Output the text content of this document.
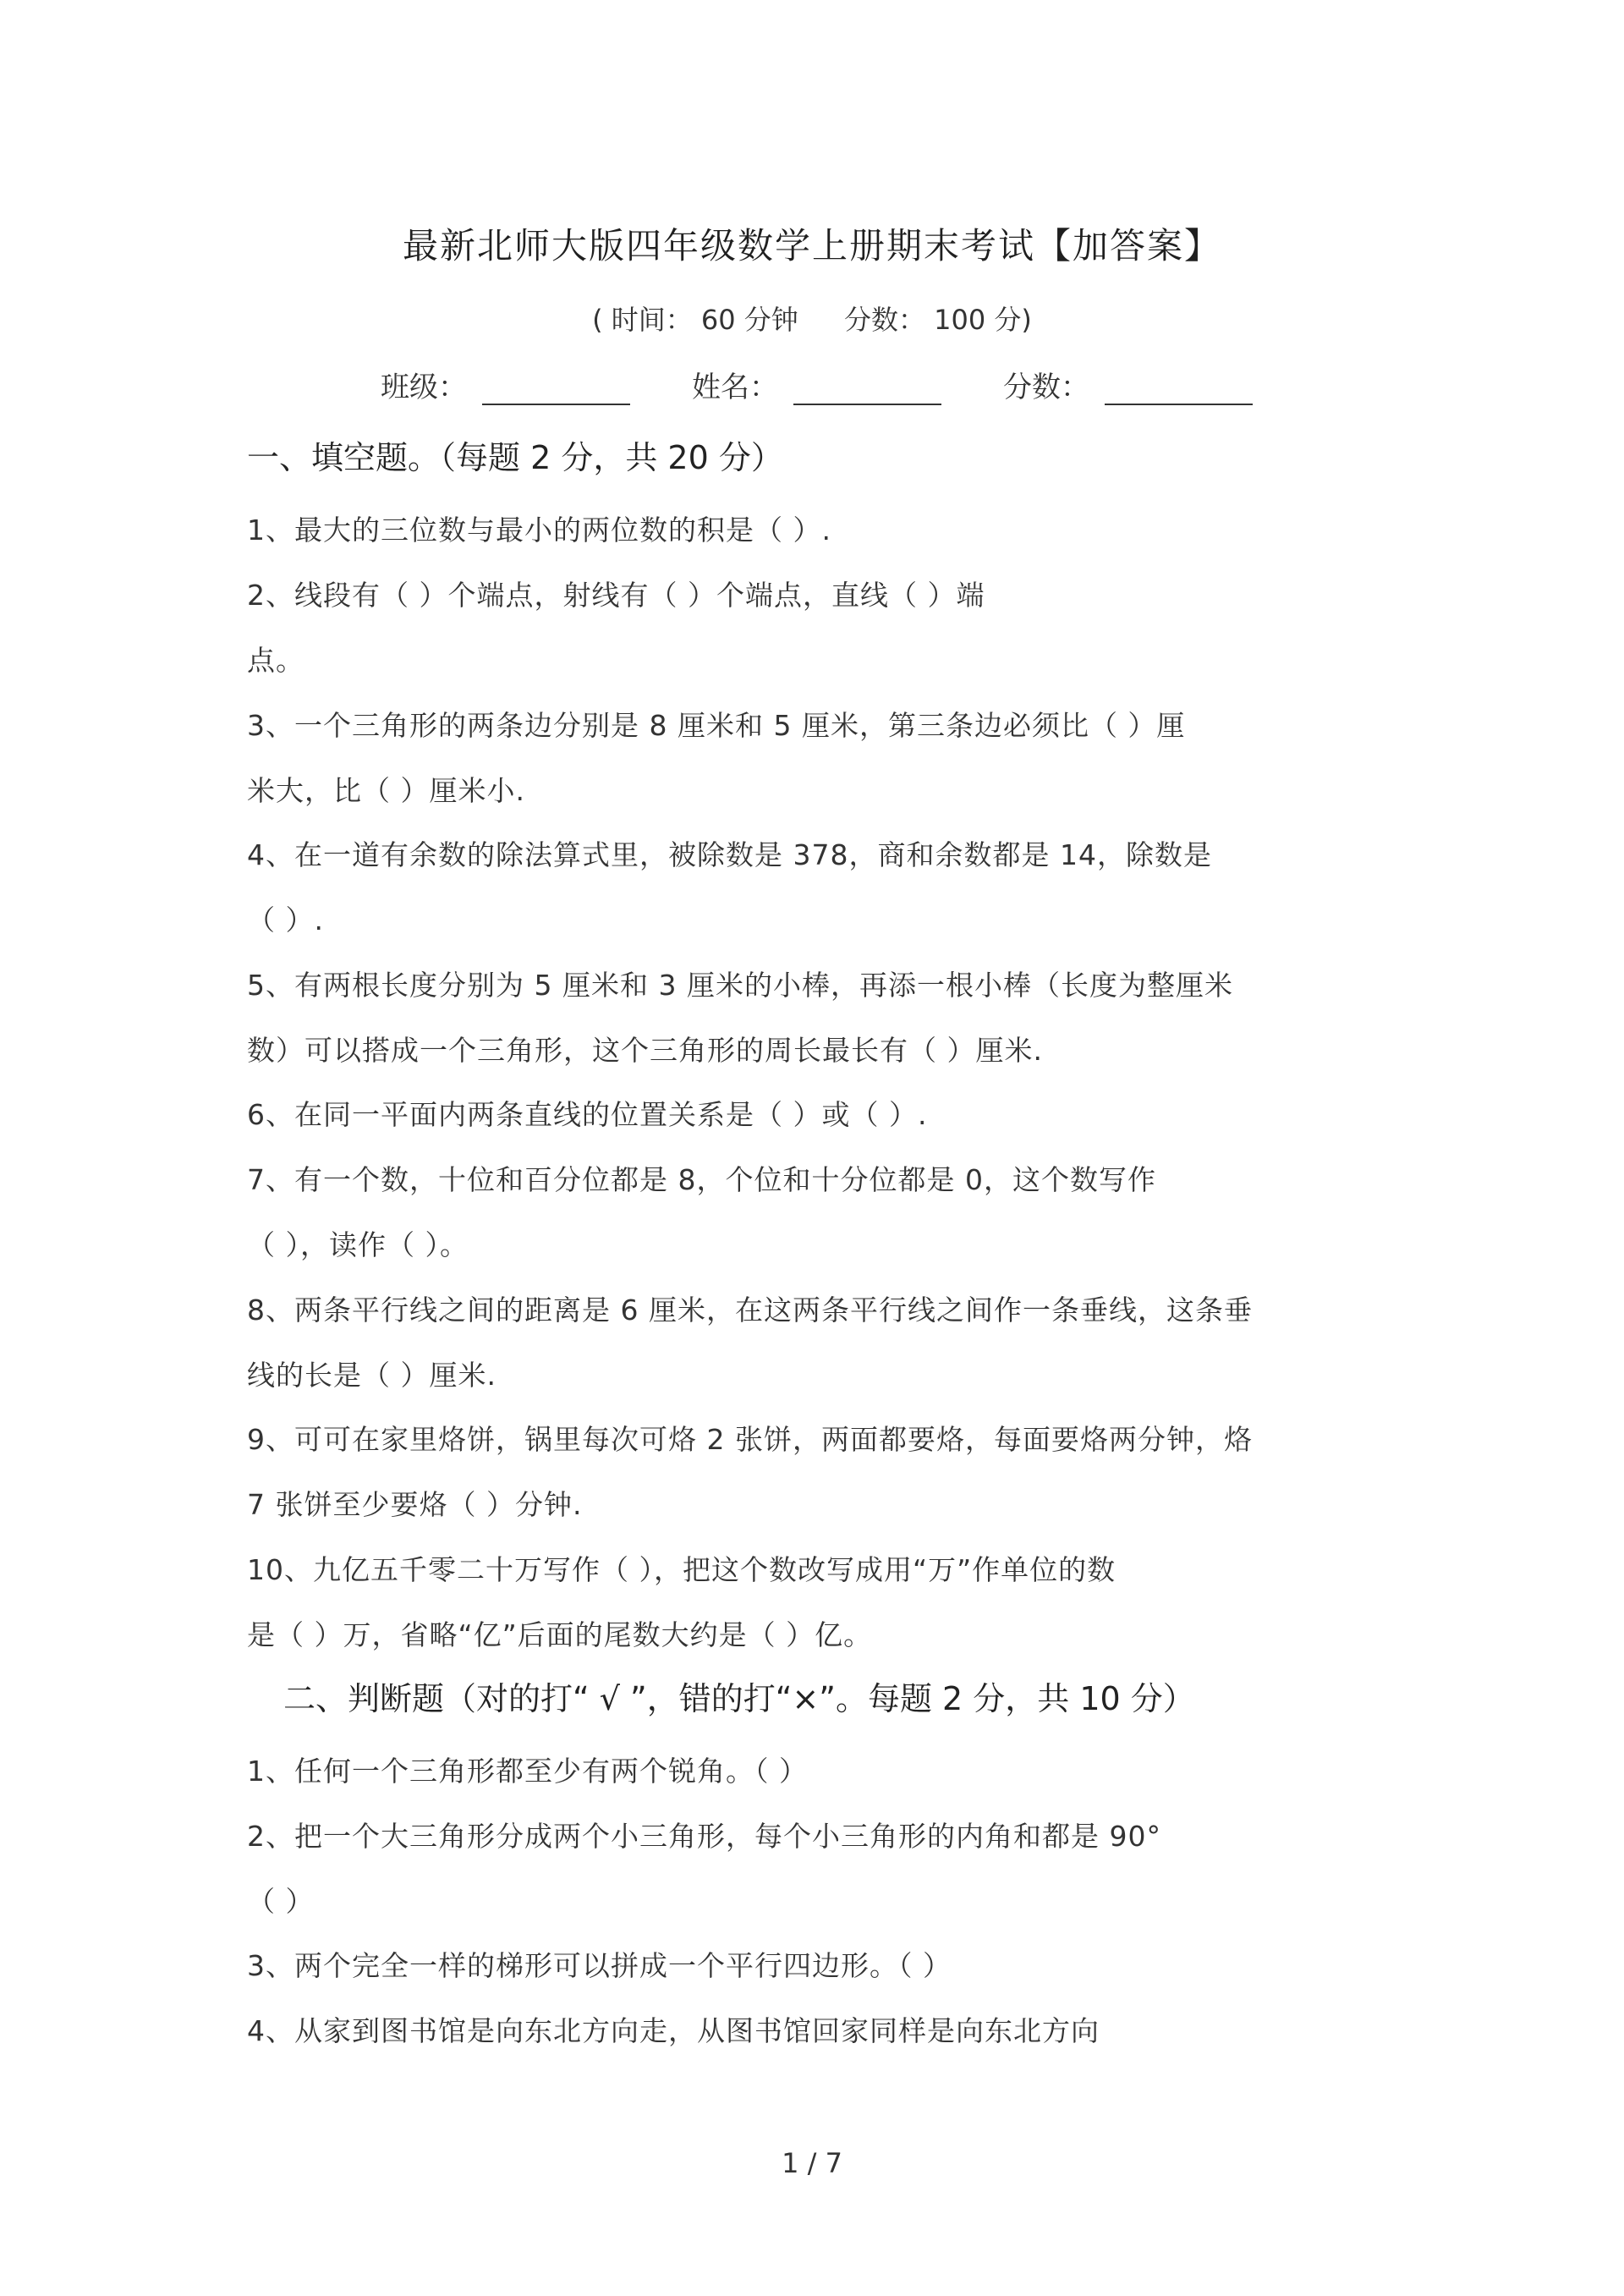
最新北师大版四年级数学上册期末考试【加答案】
( 时间： 60 分钟 分数： 100 分)
班级：	姓名：	分数：
一、填空题。（每题 2 分，共 20 分）
1、最大的三位数与最小的两位数的积是（ ）.
2、线段有（ ）个端点，射线有（ ）个端点，直线（ ）端
点。
3、一个三角形的两条边分别是 8 厘米和 5 厘米，第三条边必须比（ ）厘
米大，比（ ）厘米小.
4、在一道有余数的除法算式里，被除数是 378，商和余数都是 14，除数是
（ ）.
5、有两根长度分别为 5 厘米和 3 厘米的小棒，再添一根小棒（长度为整厘米
数）可以搭成一个三角形，这个三角形的周长最长有（ ）厘米.
6、在同一平面内两条直线的位置关系是（ ）或（ ）.
7、有一个数，十位和百分位都是 8，个位和十分位都是 0，这个数写作
（ ），读作（ ）。
8、两条平行线之间的距离是 6 厘米，在这两条平行线之间作一条垂线，这条垂
线的长是（ ）厘米.
9、可可在家里烙饼，锅里每次可烙 2 张饼，两面都要烙，每面要烙两分钟，烙
7 张饼至少要烙（ ）分钟.
10、九亿五千零二十万写作（ ），把这个数改写成用“万”作单位的数
是（ ）万，省略“亿”后面的尾数大约是（ ）亿。
二、判断题（对的打“ √ ”，错的打“×”。每题 2 分，共 10 分）
1、任何一个三角形都至少有两个锐角。（ ）
2、把一个大三角形分成两个小三角形，每个小三角形的内角和都是 90°
（ ）
3、两个完全一样的梯形可以拼成一个平行四边形。（ ）
4、从家到图书馆是向东北方向走，从图书馆回家同样是向东北方向
1 / 7
